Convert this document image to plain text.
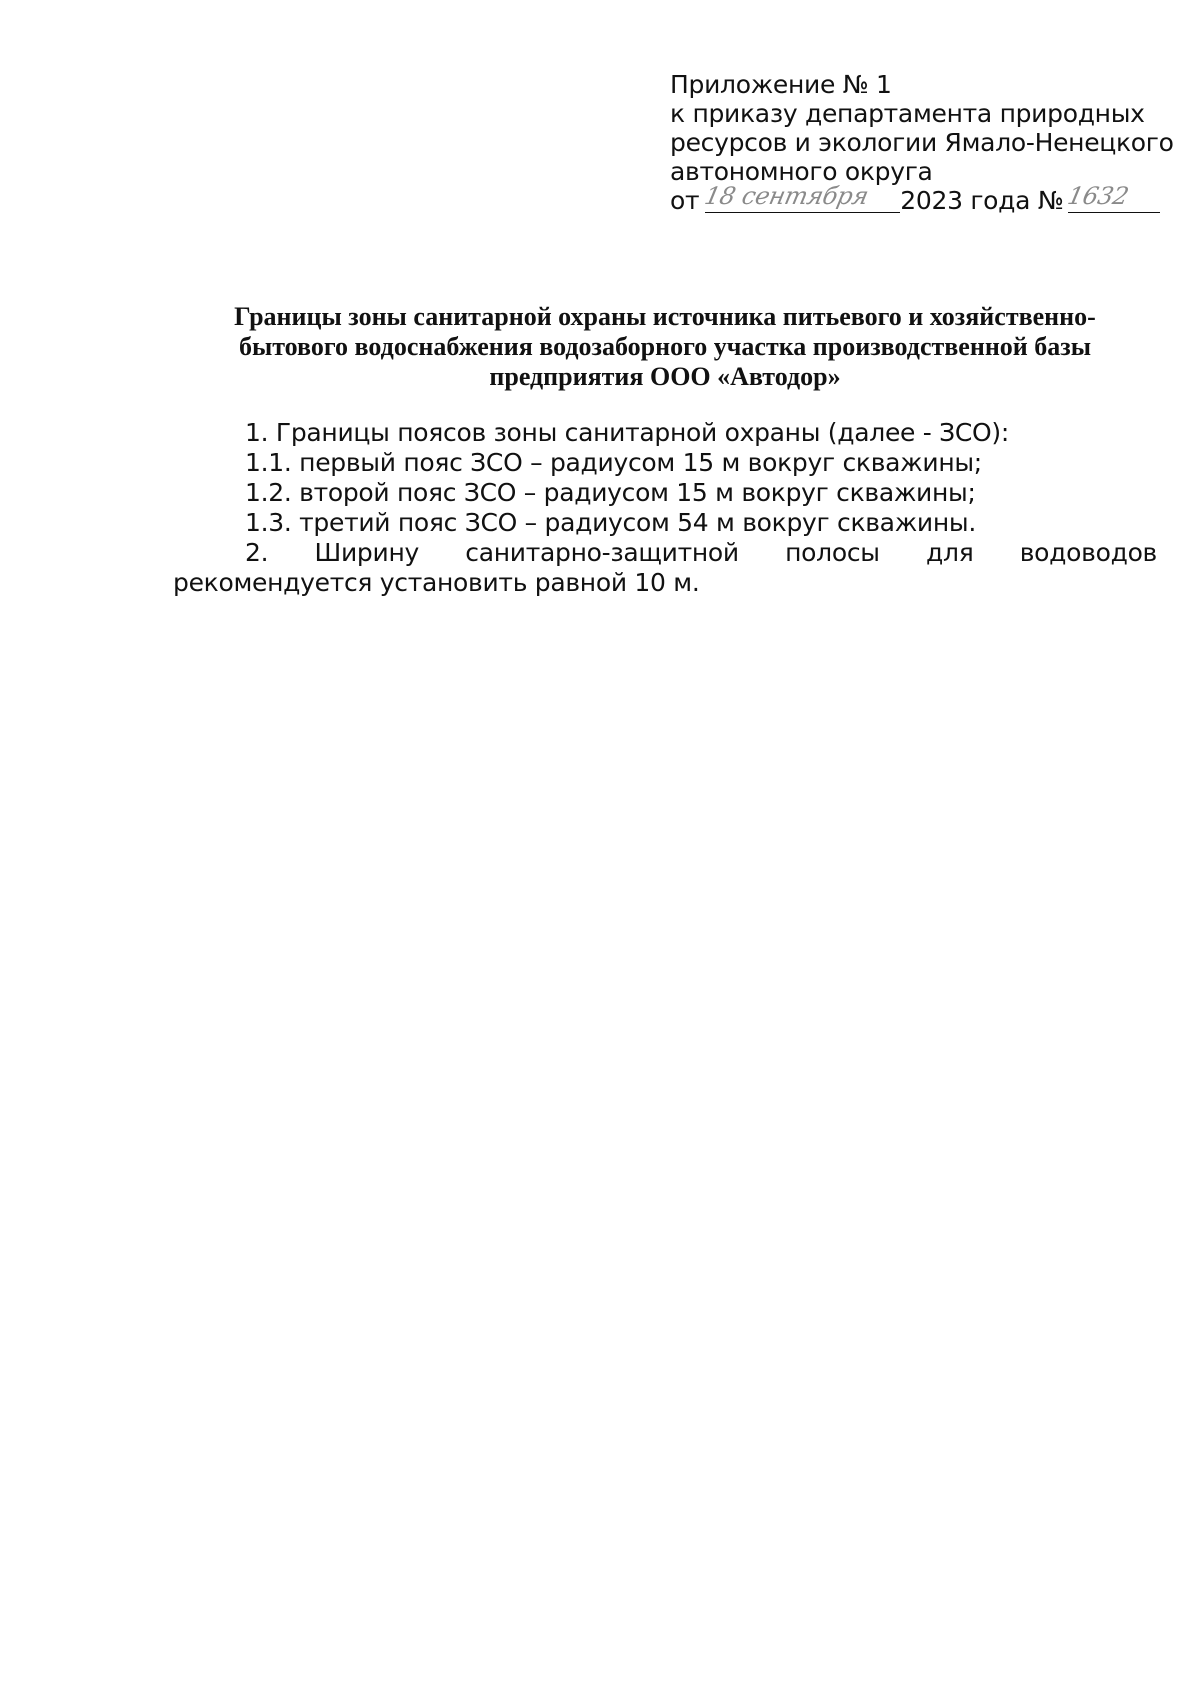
Приложение № 1
к приказу департамента природных
ресурсов и экологии Ямало-Ненецкого
автономного округа
от 18 сентября 2023 года № 1632
Границы зоны санитарной охраны источника питьевого и хозяйственно-
бытового водоснабжения водозаборного участка производственной базы
предприятия ООО «Автодор»
1. Границы поясов зоны санитарной охраны (далее - ЗСО):
1.1. первый пояс ЗСО – радиусом 15 м вокруг скважины;
1.2. второй пояс ЗСО – радиусом 15 м вокруг скважины;
1.3. третий пояс ЗСО – радиусом 54 м вокруг скважины.
2. Ширину санитарно-защитной полосы для водоводов рекомендуется установить равной 10 м.
